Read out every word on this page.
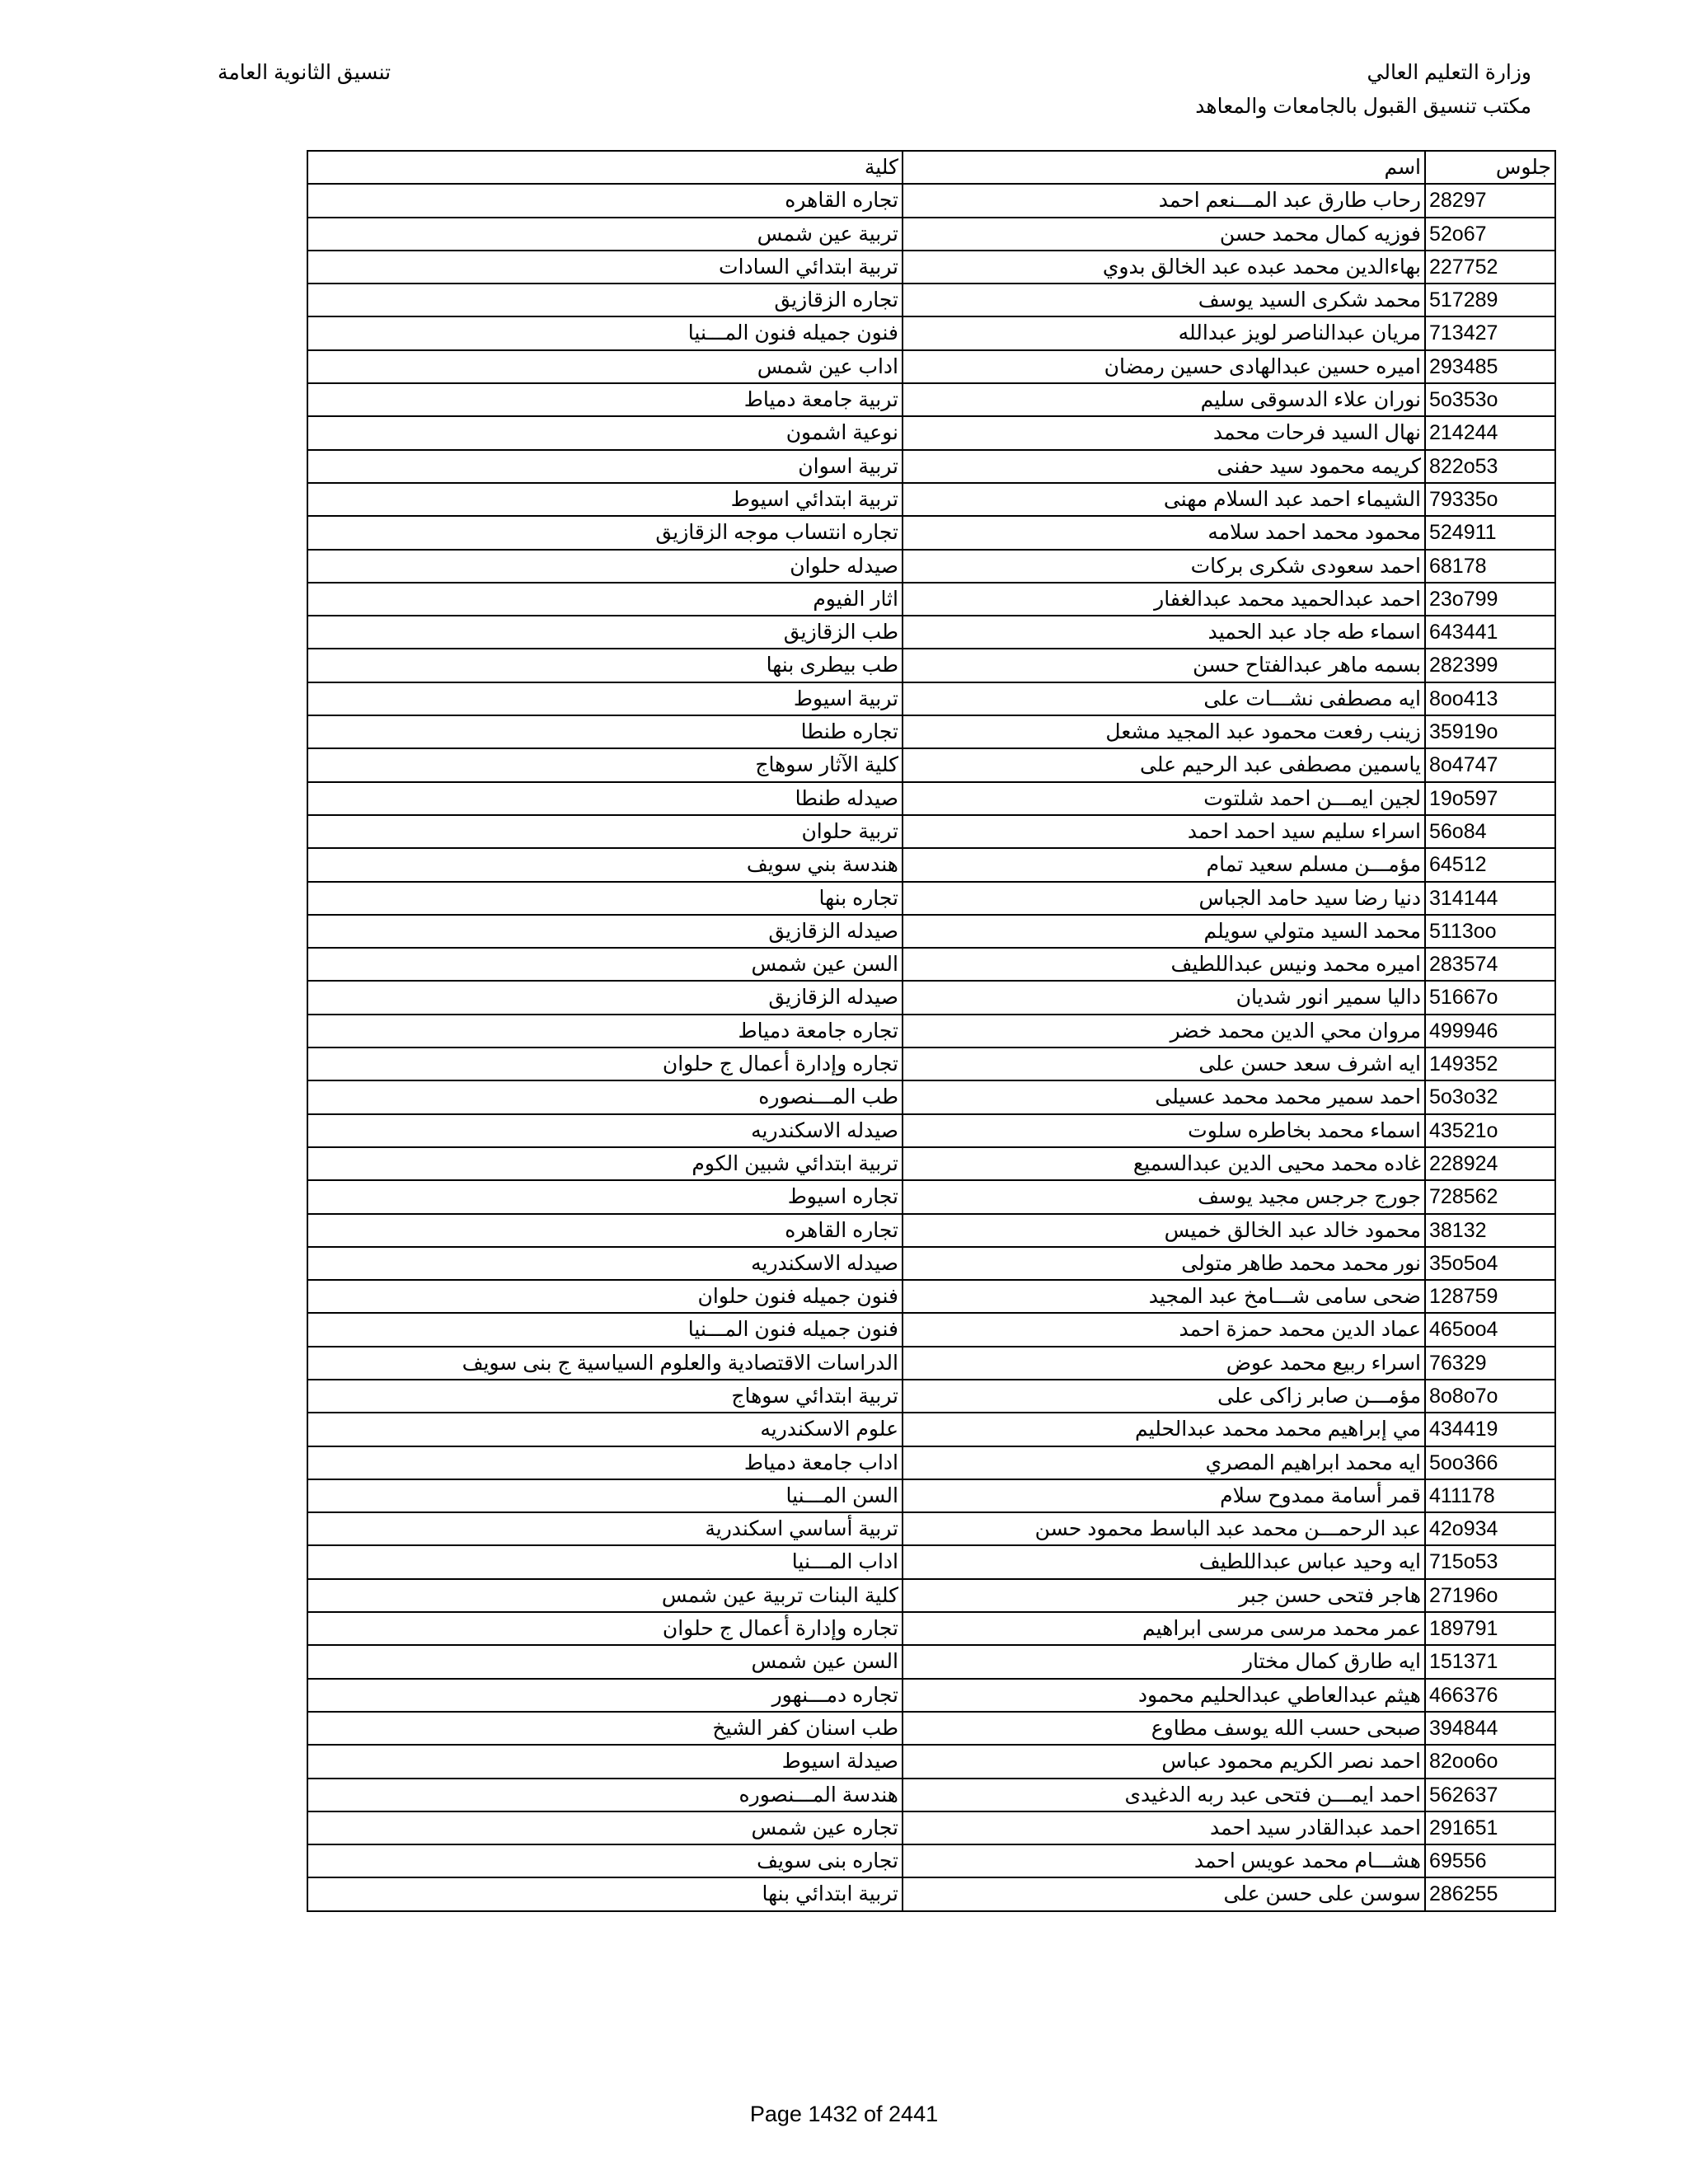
وزارة التعليم العالي
مكتب تنسيق القبول بالجامعات والمعاهد
تنسيق الثانوية العامة
كلية	اسم	جلوس
تجاره القاهره	رحاب طارق عبد المـــنعم احمد 28297
تربية عين شمس	فوزيه كمال محمد حسن 52o67
تربية ابتدائي السادات	بهاءالدين محمد عبده عبد الخالق بدوي 227752
تجاره الزقازيق	محمد شكرى السيد يوسف 517289
فنون جميله فنون المـــنيا	مريان عبدالناصر لويز عبدالله 713427
اداب عين شمس	اميره حسين عبدالهادى حسين رمضان 293485
تربية جامعة دمياط	نوران علاء الدسوقى سليم 5o353o
نوعية اشمون	نهال السيد فرحات محمد 214244
تربية اسوان	كريمه محمود سيد حفنى 822o53
تربية ابتدائي اسيوط	الشيماء احمد عبد السلام مهنى 79335o
تجاره انتساب موجه الزقازيق	محمود محمد احمد سلامه 524911
صيدله حلوان	احمد سعودى شكرى بركات 68178
اثار الفيوم	احمد عبدالحميد محمد عبدالغفار 23o799
طب الزقازيق	اسماء طه جاد عبد الحميد 643441
طب بيطرى بنها	بسمه ماهر عبدالفتاح حسن 282399
تربية اسيوط	ايه مصطفى نشـــات على 8oo413
تجاره طنطا	زينب رفعت محمود عبد المجيد مشعل 35919o
كلية الآثار سوهاج	ياسمين مصطفى عبد الرحيم على 8o4747
صيدله طنطا	لجين ايمـــن احمد شلتوت 19o597
تربية حلوان	اسراء سليم سيد احمد احمد 56o84
هندسة بني سويف	مؤمـــن مسلم سعيد تمام 64512
تجاره بنها	دنيا رضا سيد حامد الجباس 314144
صيدله الزقازيق	محمد السيد متولي سويلم 5113oo
السن عين شمس	اميره محمد ونيس عبداللطيف 283574
صيدله الزقازيق	داليا سمير انور شديان 51667o
تجاره جامعة دمياط	مروان محي الدين محمد خضر 499946
تجاره وإدارة أعمال ج حلوان	ايه اشرف سعد حسن على 149352
طب المـــنصوره	احمد سمير محمد محمد عسيلى 5o3o32
صيدله الاسكندريه	اسماء محمد بخاطره سلوت 43521o
تربية ابتدائي شبين الكوم	غاده محمد محيى الدين عبدالسميع 228924
تجاره اسيوط	جورج جرجس مجيد يوسف 728562
تجاره القاهره	محمود خالد عبد الخالق خميس 38132
صيدله الاسكندريه	نور محمد محمد طاهر متولى 35o5o4
فنون جميله فنون حلوان	ضحى سامى شـــامخ عبد المجيد 128759
فنون جميله فنون المـــنيا	عماد الدين محمد حمزة احمد 465oo4
الدراسات الاقتصادية والعلوم السياسية ج بنى سويف	اسراء ربيع محمد عوض 76329
تربية ابتدائي سوهاج	مؤمـــن صابر زاكى على 8o8o7o
علوم الاسكندريه	مي إبراهيم محمد محمد عبدالحليم 434419
اداب جامعة دمياط	ايه محمد ابراهيم المصري 5oo366
السن المـــنيا	قمر أسامة ممدوح سلام 411178
تربية أساسي اسكندرية	عبد الرحمـــن محمد عبد الباسط محمود حسن 42o934
اداب المـــنيا	ايه وحيد عباس عبداللطيف 715o53
كلية البنات تربية عين شمس	هاجر فتحى حسن جبر 27196o
تجاره وإدارة أعمال ج حلوان	عمر محمد مرسى مرسى ابراهيم 189791
السن عين شمس	ايه طارق كمال مختار 151371
تجاره دمـــنهور	هيثم عبدالعاطي عبدالحليم محمود 466376
طب اسنان كفر الشيخ	صبحى حسب الله يوسف مطاوع 394844
صيدلة اسيوط	احمد نصر الكريم محمود عباس 82oo6o
هندسة المـــنصوره	احمد ايمـــن فتحى عبد ربه الدغيدى 562637
تجاره عين شمس	احمد عبدالقادر سيد احمد 291651
تجاره بنى سويف	هشـــام محمد عويس احمد 69556
تربية ابتدائي بنها	سوسن على حسن على 286255
Page 1432 of 2441
